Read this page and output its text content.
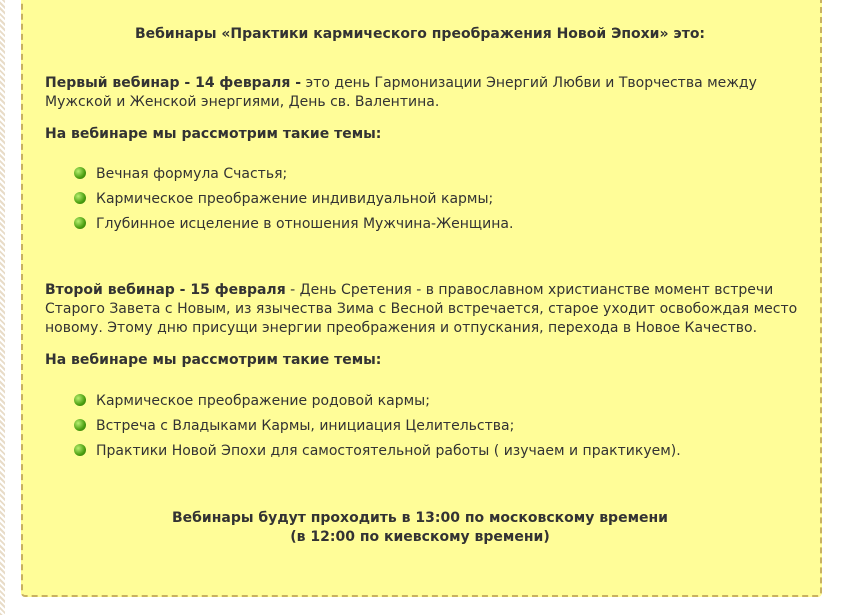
Вебинары «Практики кармического преображения Новой Эпохи» это:
Первый вебинар - 14 февраля - это день Гармонизации Энергий Любви и Творчества между
Мужской и Женской энергиями, День св. Валентина.
На вебинаре мы рассмотрим такие темы:
Вечная формула Счастья;
Кармическое преображение индивидуальной кармы;
Глубинное исцеление в отношения Мужчина-Женщина.
Второй вебинар - 15 февраля - День Сретения - в православном христианстве момент встречи
Старого Завета с Новым, из язычества Зима с Весной встречается, старое уходит освобождая место
новому. Этому дню присущи энергии преображения и отпускания, перехода в Новое Качество.
На вебинаре мы рассмотрим такие темы:
Кармическое преображение родовой кармы;
Встреча с Владыками Кармы, инициация Целительства;
Практики Новой Эпохи для самостоятельной работы ( изучаем и практикуем).
Вебинары будут проходить в 13:00 по московскому времени
(в 12:00 по киевскому времени)
